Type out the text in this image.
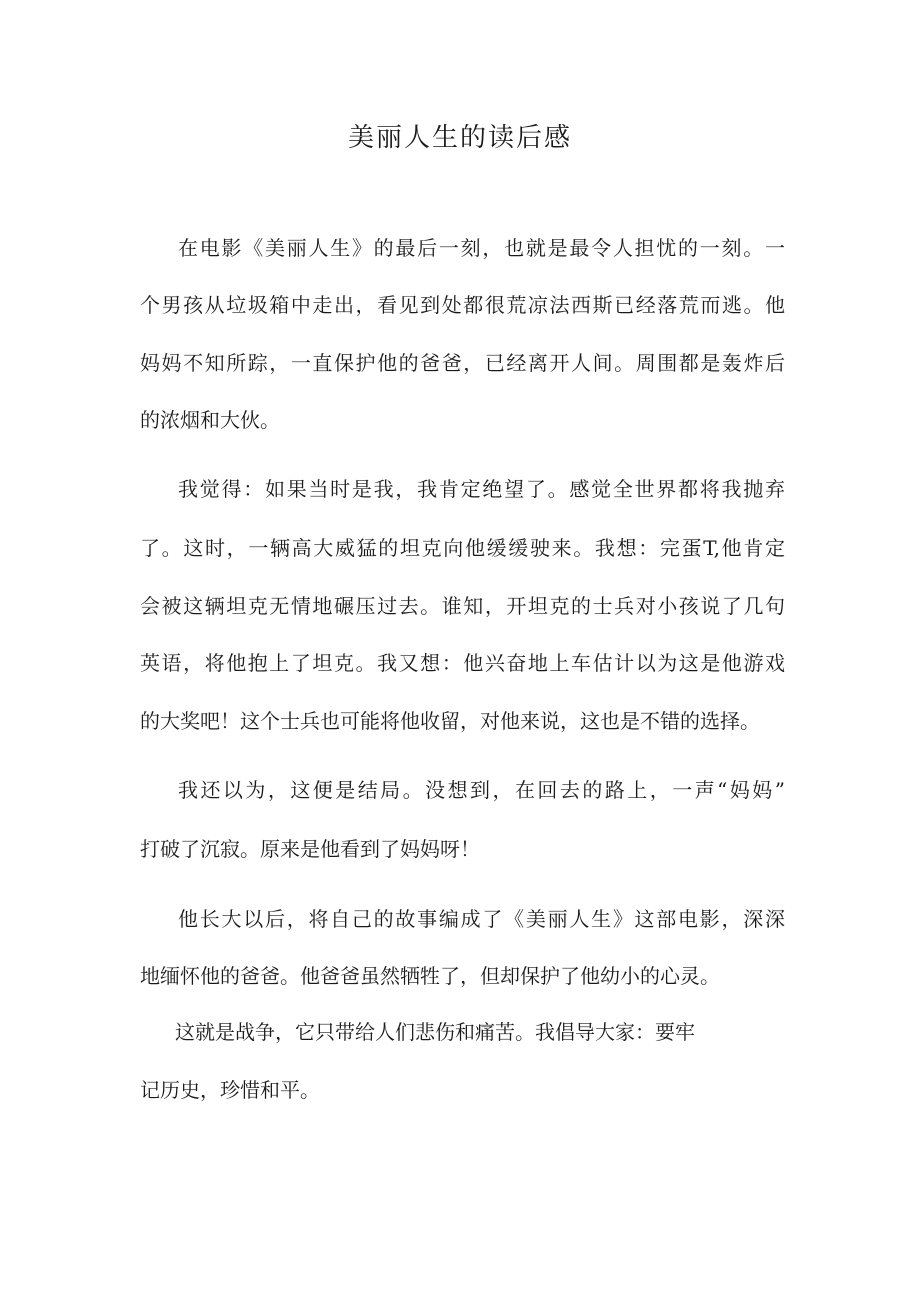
美丽人生的读后感
在电影《美丽人生》的最后一刻，也就是最令人担忧的一刻。一
个男孩从垃圾箱中走出，看见到处都很荒凉法西斯已经落荒而逃。他
妈妈不知所踪，一直保护他的爸爸，已经离开人间。周围都是轰炸后
的浓烟和大伙。
我觉得：如果当时是我，我肯定绝望了。感觉全世界都将我抛弃
了。这时，一辆高大威猛的坦克向他缓缓驶来。我想：完蛋T,他肯定
会被这辆坦克无情地碾压过去。谁知，开坦克的士兵对小孩说了几句
英语，将他抱上了坦克。我又想：他兴奋地上车估计以为这是他游戏
的大奖吧！这个士兵也可能将他收留，对他来说，这也是不错的选择。
我还以为，这便是结局。没想到，在回去的路上，一声“妈妈”
打破了沉寂。原来是他看到了妈妈呀！
他长大以后，将自己的故事编成了《美丽人生》这部电影，深深
地缅怀他的爸爸。他爸爸虽然牺牲了，但却保护了他幼小的心灵。
这就是战争，它只带给人们悲伤和痛苦。我倡导大家：要牢
记历史，珍惜和平。
